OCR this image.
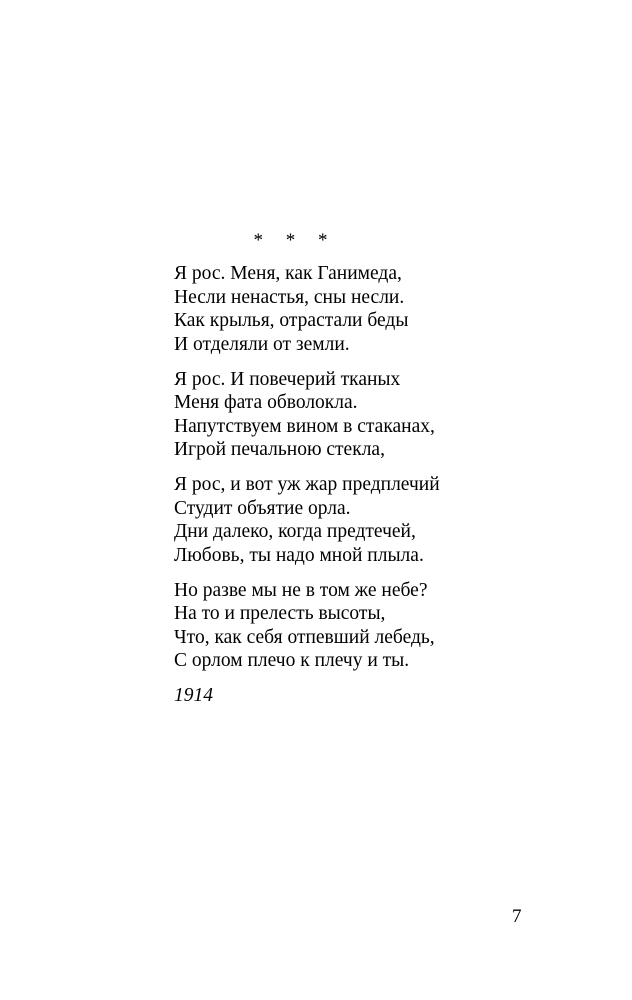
* * *
Я рос. Меня, как Ганимеда,
Несли ненастья, сны несли.
Как крылья, отрастали беды
И отделяли от земли.
Я рос. И повечерий тканых
Меня фата обволокла.
Напутствуем вином в стаканах,
Игрой печальною стекла,
Я рос, и вот уж жар предплечий
Студит объятие орла.
Дни далеко, когда предтечей,
Любовь, ты надо мной плыла.
Но разве мы не в том же небе?
На то и прелесть высоты,
Что, как себя отпевший лебедь,
С орлом плечо к плечу и ты.
1914
7
